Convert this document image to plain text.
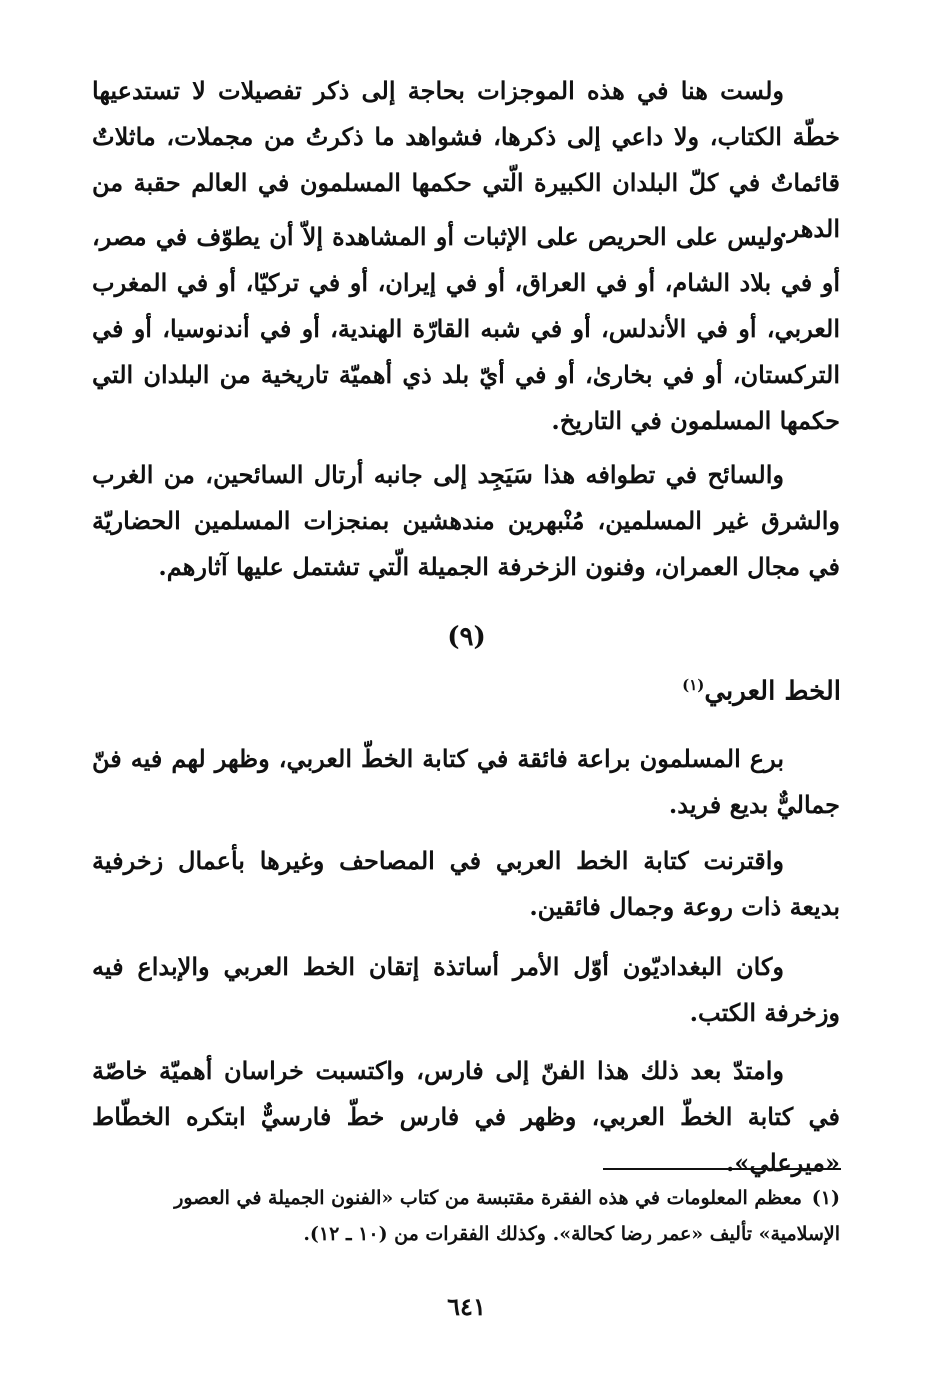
ولست هنا في هذه الموجزات بحاجة إلى ذكر تفصيلات لا تستدعيها خطّة الكتاب، ولا داعي إلى ذكرها، فشواهد ما ذكرتُ من مجملات، ماثلاتٌ قائماتٌ في كلّ البلدان الكبيرة الّتي حكمها المسلمون في العالم حقبة من الدهر.

وليس على الحريص على الإثبات أو المشاهدة إلاّ أن يطوّف في مصر، أو في بلاد الشام، أو في العراق، أو في إيران، أو في تركيّا، أو في المغرب العربي، أو في الأندلس، أو في شبه القارّة الهندية، أو في أندنوسيا، أو في التركستان، أو في بخارىٰ، أو في أيّ بلد ذي أهميّة تاريخية من البلدان التي حكمها المسلمون في التاريخ.

والسائح في تطوافه هذا سَيَجِد إلى جانبه أرتال السائحين، من الغرب والشرق غير المسلمين، مُنْبهرين مندهشين بمنجزات المسلمين الحضاريّة في مجال العمران، وفنون الزخرفة الجميلة الّتي تشتمل عليها آثارهم.

(٩)
الخط العربي$^{(١)}$

برع المسلمون براعة فائقة في كتابة الخطّ العربي، وظهر لهم فيه فنّ جماليٌّ بديع فريد.

واقترنت كتابة الخط العربي في المصاحف وغيرها بأعمال زخرفية بديعة ذات روعة وجمال فائقين.

وكان البغداديّون أوّل الأمر أساتذة إتقان الخط العربي والإبداع فيه وزخرفة الكتب.

وامتدّ بعد ذلك هذا الفنّ إلى فارس، واكتسبت خراسان أهميّة خاصّة في كتابة الخطّ العربي، وظهر في فارس خطّ فارسيٌّ ابتكره الخطّاط «ميرعلي».

(١)معظم المعلومات في هذه الفقرة مقتبسة من كتاب «الفنون الجميلة في العصور الإسلامية» تأليف «عمر رضا كحالة». وكذلك الفقرات من (١٠ ـ ١٢).

٦٤١
